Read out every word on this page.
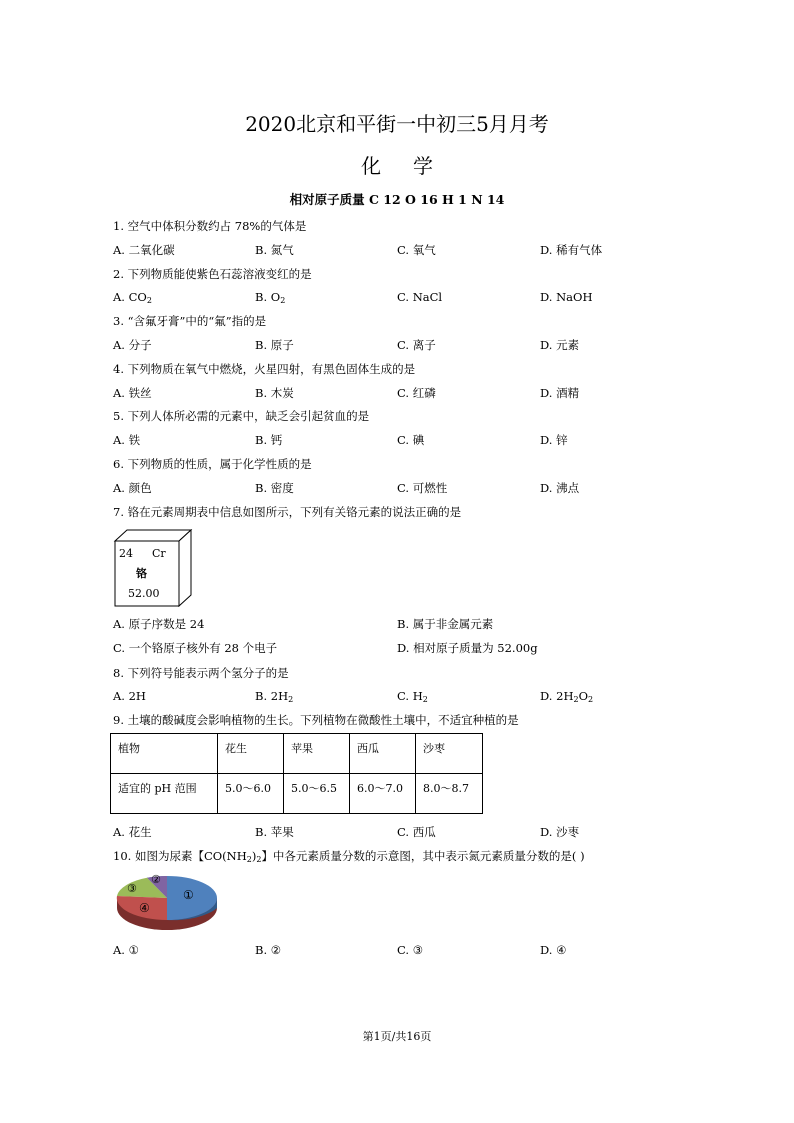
2020北京和平街一中初三5月月考
化学
相对原子质量 C 12 O 16 H 1 N 14
1. 空气中体积分数约占 78%的气体是
A. 二氧化碳	B. 氮气	C. 氧气	D. 稀有气体
2. 下列物质能使紫色石蕊溶液变红的是
A. $CO_2$	B. $O_2$	C. NaCl	D. NaOH
3. “含氟牙膏”中的“氟”指的是
A. 分子	B. 原子	C. 离子	D. 元素
4. 下列物质在氧气中燃烧，火星四射，有黑色固体生成的是
A. 铁丝	B. 木炭	C. 红磷	D. 酒精
5. 下列人体所必需的元素中，缺乏会引起贫血的是
A. 铁	B. 钙	C. 碘	D. 锌
6. 下列物质的性质，属于化学性质的是
A. 颜色	B. 密度	C. 可燃性	D. 沸点
7. 铬在元素周期表中信息如图所示，下列有关铬元素的说法正确的是
24 Cr
铬
52.00
A. 原子序数是 24	B. 属于非金属元素
C. 一个铬原子核外有 28 个电子	D. 相对原子质量为 52.00g
8. 下列符号能表示两个氢分子的是
A. 2H	B. $2H_2$	C. $H_2$	D. $2H_2O_2$
9. 土壤的酸碱度会影响植物的生长。下列植物在微酸性土壤中，不适宜种植的是
植物	花生	苹果	西瓜	沙枣
适宜的 pH 范围	5.0～6.0	5.0～6.5	6.0～7.0	8.0～8.7
A. 花生	B. 苹果	C. 西瓜	D. 沙枣
10. 如图为尿素【$CO(NH_2)_2$】中各元素质量分数的示意图，其中表示氮元素质量分数的是( )
①
②
③
④
A. ①	B. ②	C. ③	D. ④
第1页/共16页
